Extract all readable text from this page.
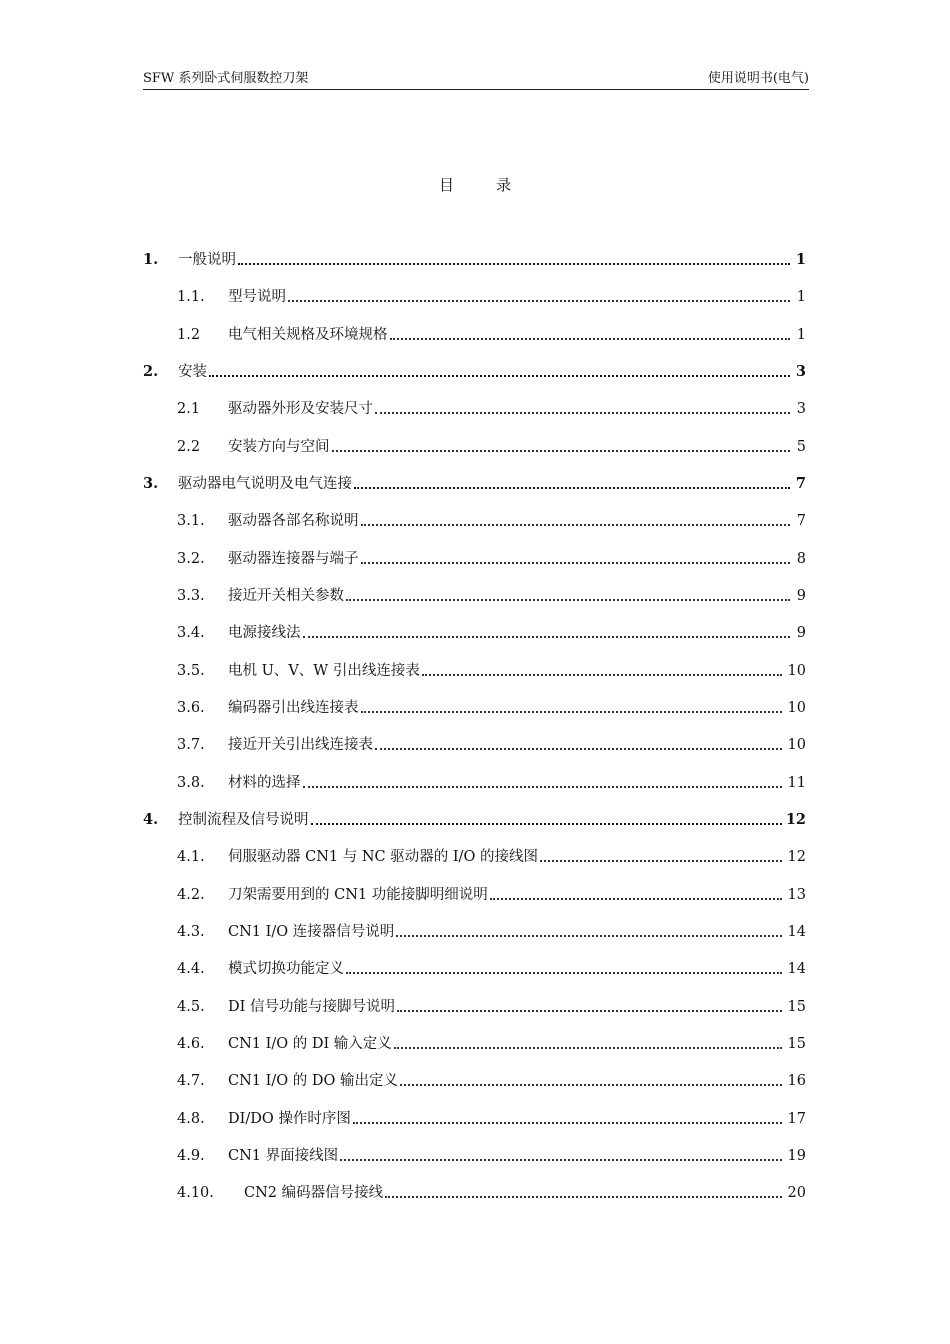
SFW 系列卧式伺服数控刀架	使用说明书(电气)
目录
1. 一般说明	1
1.1. 型号说明	1
1.2 电气相关规格及环境规格	1
2. 安装	3
2.1 驱动器外形及安装尺寸	3
2.2 安装方向与空间	5
3. 驱动器电气说明及电气连接	7
3.1. 驱动器各部名称说明	7
3.2. 驱动器连接器与端子	8
3.3. 接近开关相关参数	9
3.4. 电源接线法	9
3.5. 电机 U、V、W 引出线连接表	10
3.6. 编码器引出线连接表	10
3.7. 接近开关引出线连接表	10
3.8. 材料的选择	11
4. 控制流程及信号说明	12
4.1. 伺服驱动器 CN1 与 NC 驱动器的 I/O 的接线图	12
4.2. 刀架需要用到的 CN1 功能接脚明细说明	13
4.3. CN1 I/O 连接器信号说明	14
4.4. 模式切换功能定义	14
4.5. DI 信号功能与接脚号说明	15
4.6. CN1 I/O 的 DI 输入定义	15
4.7. CN1 I/O 的 DO 输出定义	16
4.8. DI/DO 操作时序图	17
4.9. CN1 界面接线图	19
4.10. CN2 编码器信号接线	20
